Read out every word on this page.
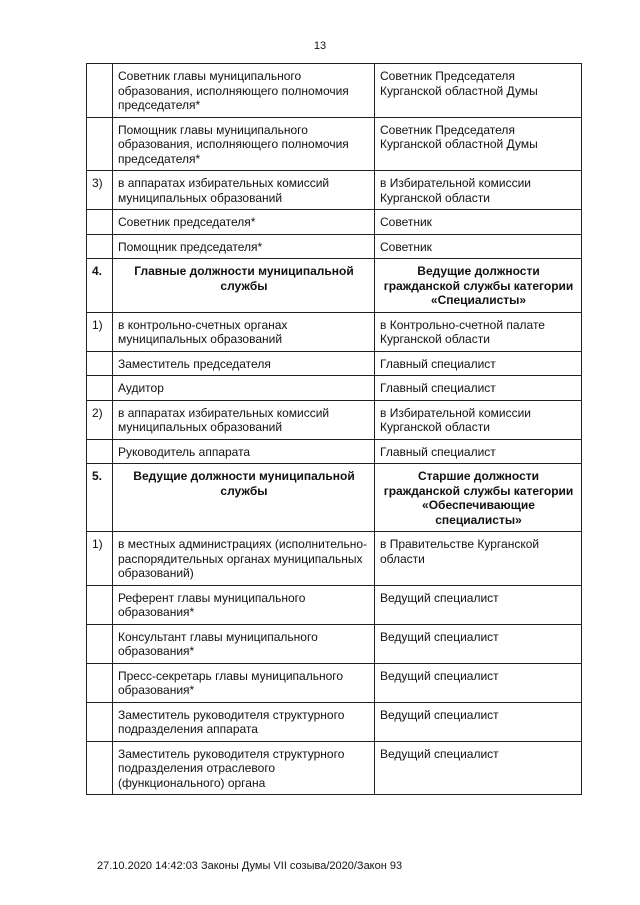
13
	Советник главы муниципального образования, исполняющего полномочия председателя*	Советник Председателя Курганской областной Думы
	Помощник главы муниципального образования, исполняющего полномочия председателя*	Советник Председателя Курганской областной Думы
3)	в аппаратах избирательных комиссий муниципальных образований	в Избирательной комиссии Курганской области
	Советник председателя*	Советник
	Помощник председателя*	Советник
4.	Главные должности муниципальной службы	Ведущие должности гражданской службы категории «Специалисты»
1)	в контрольно-счетных органах муниципальных образований	в Контрольно-счетной палате Курганской области
	Заместитель председателя	Главный специалист
	Аудитор	Главный специалист
2)	в аппаратах избирательных комиссий муниципальных образований	в Избирательной комиссии Курганской области
	Руководитель аппарата	Главный специалист
5.	Ведущие должности муниципальной службы	Старшие должности гражданской службы категории «Обеспечивающие специалисты»
1)	в местных администрациях (исполнительно-распорядительных органах муниципальных образований)	в Правительстве Курганской области
	Референт главы муниципального образования*	Ведущий специалист
	Консультант главы муниципального образования*	Ведущий специалист
	Пресс-секретарь главы муниципального образования*	Ведущий специалист
	Заместитель руководителя структурного подразделения аппарата	Ведущий специалист
	Заместитель руководителя структурного подразделения отраслевого (функционального) органа	Ведущий специалист
27.10.2020 14:42:03 Законы Думы VII созыва/2020/Закон 93
